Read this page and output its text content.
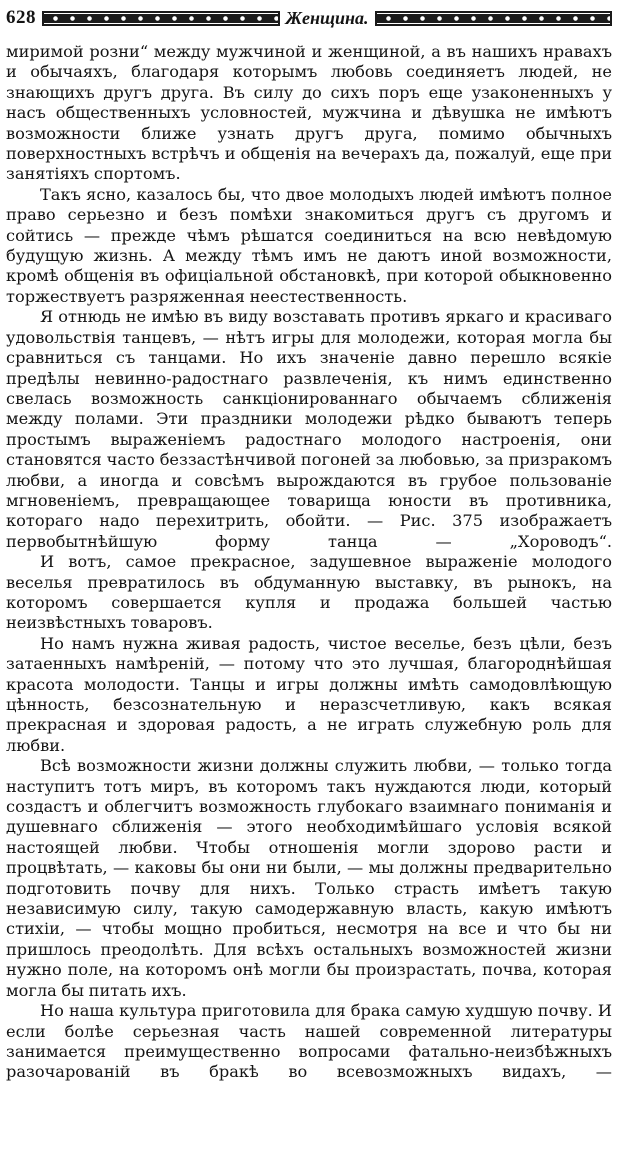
628	Женщина.

миримой розни“ между мужчиной и женщиной, а въ нашихъ нравахъ и обычаяхъ, благодаря которымъ любовь соединяетъ людей, не знающихъ другъ друга. Въ силу до сихъ поръ еще узаконенныхъ у насъ общественныхъ условностей, мужчина и дѣвушка не имѣютъ возможности ближе узнать другъ друга, помимо обычныхъ поверхностныхъ встрѣчъ и общенія на вечерахъ да, пожалуй, еще при занятіяхъ спортомъ.

Такъ ясно, казалось бы, что двое молодыхъ людей имѣютъ полное право серьезно и безъ помѣхи знакомиться другъ съ другомъ и сойтись — прежде чѣмъ рѣшатся соединиться на всю невѣдомую будущую жизнь. А между тѣмъ имъ не даютъ иной возможности, кромѣ общенія въ офиціальной обстановкѣ, при которой обыкновенно торжествуетъ разряженная неестественность.

Я отнюдь не имѣю въ виду возставать противъ яркаго и красиваго удовольствія танцевъ, — нѣтъ игры для молодежи, которая могла бы сравниться съ танцами. Но ихъ значеніе давно перешло всякіе предѣлы невинно-радостнаго развлеченія, къ нимъ единственно свелась возможность санкціонированнаго обычаемъ сближенія между полами. Эти праздники молодежи рѣдко бываютъ теперь простымъ выраженіемъ радостнаго молодого настроенія, они становятся часто беззастѣнчивой погоней за любовью, за призракомъ любви, а иногда и совсѣмъ вырождаются въ грубое пользованіе мгновеніемъ, превращающее товарища юности въ противника, котораго надо перехитрить, обойти. — Рис. 375 изображаетъ первобытнѣйшую форму танца — „Хороводъ“.

И вотъ, самое прекрасное, задушевное выраженіе молодого веселья превратилось въ обдуманную выставку, въ рынокъ, на которомъ совершается купля и продажа большей частью неизвѣстныхъ товаровъ.

Но намъ нужна живая радость, чистое веселье, безъ цѣли, безъ затаенныхъ намѣреній, — потому что это лучшая, благороднѣйшая красота молодости. Танцы и игры должны имѣть самодовлѣющую цѣнность, безсознательную и неразсчетливую, какъ всякая прекрасная и здоровая радость, а не играть служебную роль для любви.

Всѣ возможности жизни должны служить любви, — только тогда наступитъ тотъ миръ, въ которомъ такъ нуждаются люди, который создастъ и облегчитъ возможность глубокаго взаимнаго пониманія и душевнаго сближенія — этого необходимѣйшаго условія всякой настоящей любви. Чтобы отношенія могли здорово расти и процвѣтать, — каковы бы они ни были, — мы должны предварительно подготовить почву для нихъ. Только страсть имѣетъ такую независимую силу, такую самодержавную власть, какую имѣютъ стихіи, — чтобы мощно пробиться, несмотря на все и что бы ни пришлось преодолѣть. Для всѣхъ остальныхъ возможностей жизни нужно поле, на которомъ онѣ могли бы произрастать, почва, которая могла бы питать ихъ.

Но наша культура приготовила для брака самую худшую почву. И если болѣе серьезная часть нашей современной литературы занимается преимущественно вопросами фатально-неизбѣжныхъ разочарованій въ бракѣ во всевозможныхъ видахъ, —
